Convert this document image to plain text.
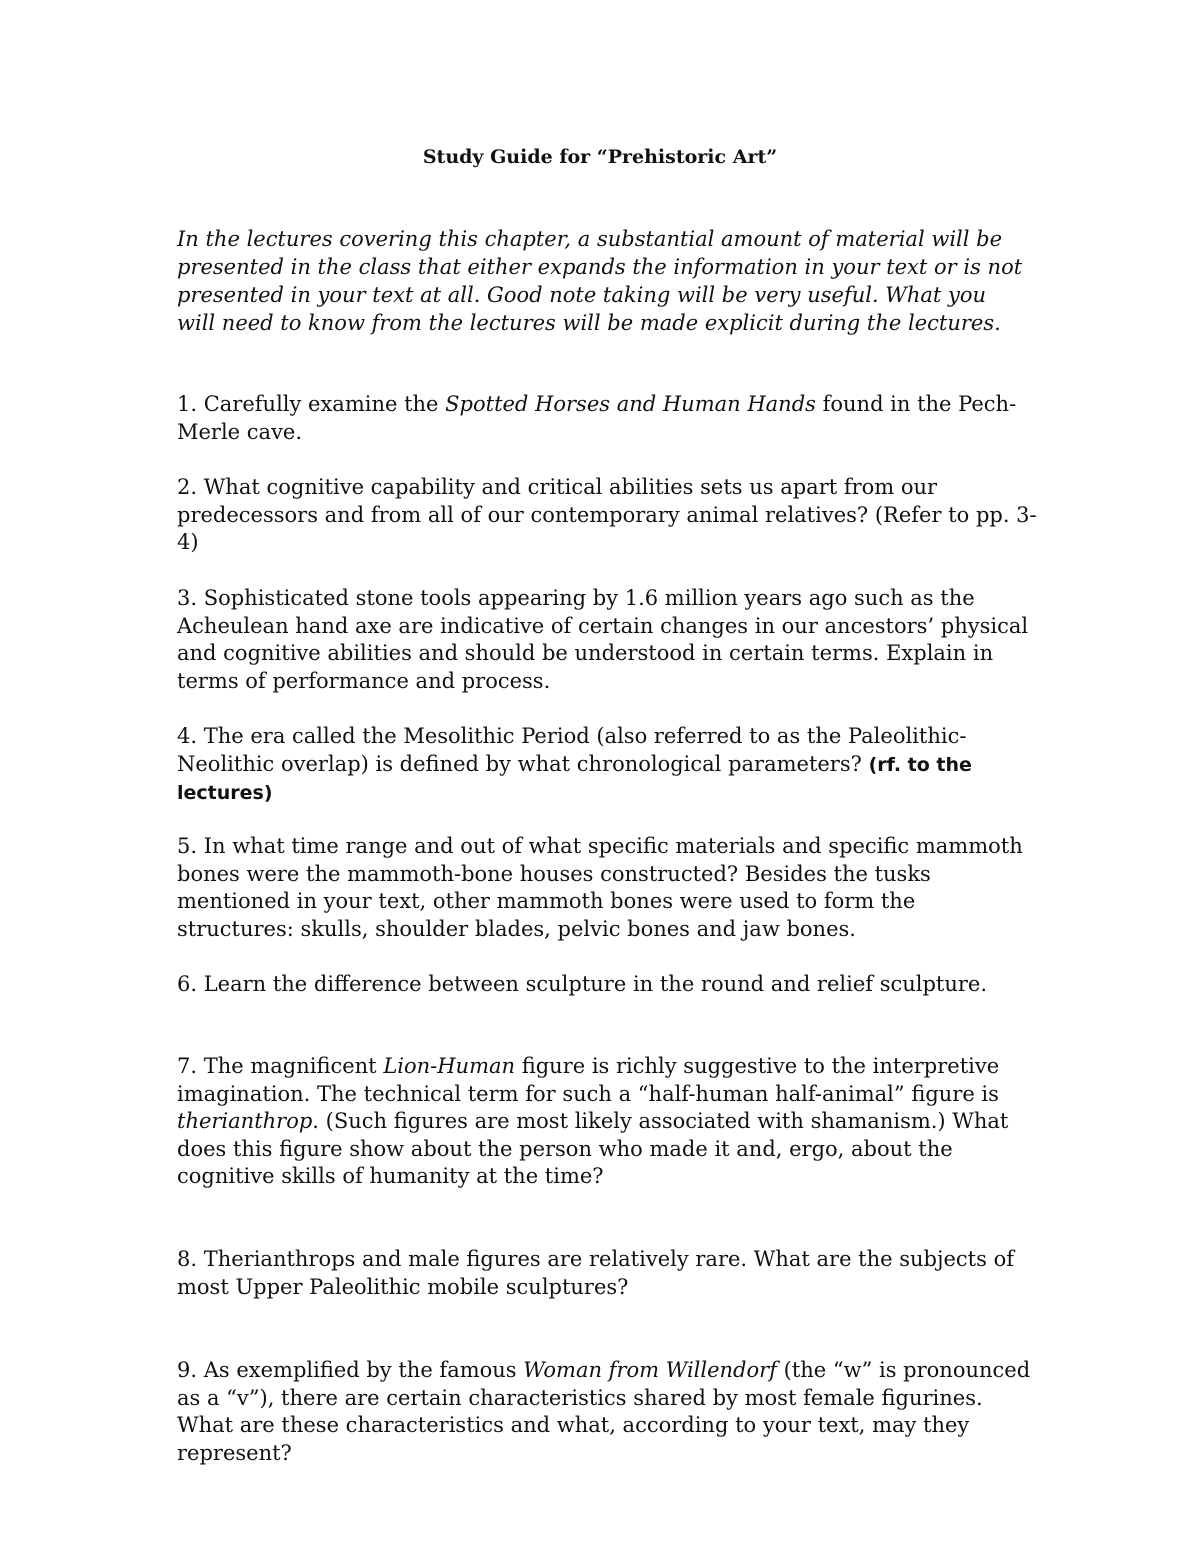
Study Guide for “Prehistoric Art”

In the lectures covering this chapter, a substantial amount of material will be presented in the class that either expands the information in your text or is not presented in your text at all. Good note taking will be very useful. What you will need to know from the lectures will be made explicit during the lectures.

1. Carefully examine the Spotted Horses and Human Hands found in the Pech-Merle cave.

2. What cognitive capability and critical abilities sets us apart from our predecessors and from all of our contemporary animal relatives? (Refer to pp. 3-4)

3. Sophisticated stone tools appearing by 1.6 million years ago such as the Acheulean hand axe are indicative of certain changes in our ancestors’ physical and cognitive abilities and should be understood in certain terms. Explain in terms of performance and process.

4. The era called the Mesolithic Period (also referred to as the Paleolithic-Neolithic overlap) is defined by what chronological parameters? (rf. to the lectures)

5. In what time range and out of what specific materials and specific mammoth bones were the mammoth-bone houses constructed? Besides the tusks mentioned in your text, other mammoth bones were used to form the structures: skulls, shoulder blades, pelvic bones and jaw bones.

6. Learn the difference between sculpture in the round and relief sculpture.

7. The magnificent Lion-Human figure is richly suggestive to the interpretive imagination. The technical term for such a “half-human half-animal” figure is therianthrop. (Such figures are most likely associated with shamanism.) What does this figure show about the person who made it and, ergo, about the cognitive skills of humanity at the time?

8. Therianthrops and male figures are relatively rare. What are the subjects of most Upper Paleolithic mobile sculptures?

9. As exemplified by the famous Woman from Willendorf (the “w” is pronounced as a “v”), there are certain characteristics shared by most female figurines. What are these characteristics and what, according to your text, may they represent?
